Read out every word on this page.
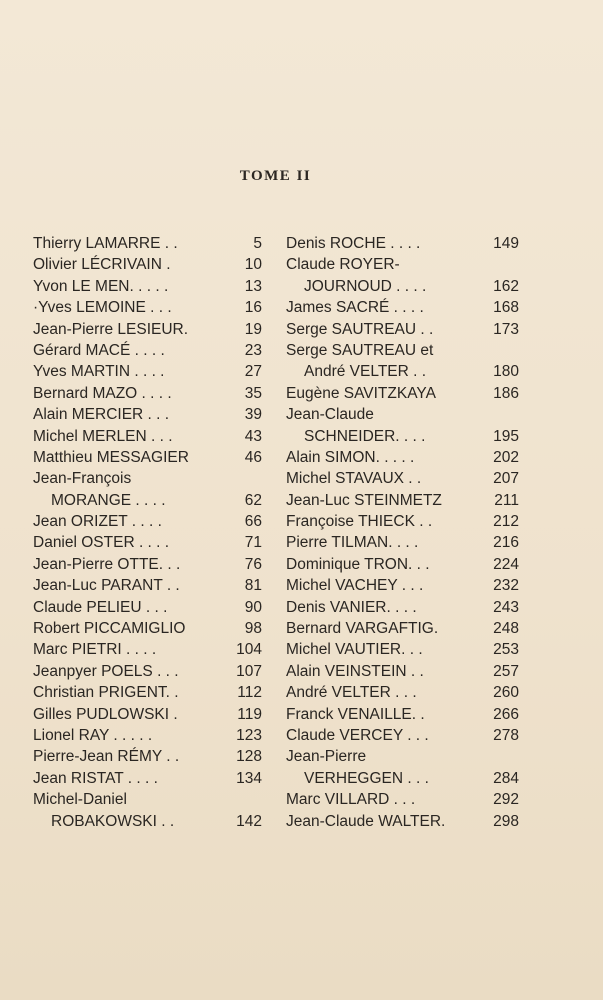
TOME II
Thierry LAMARRE . .	5
Olivier LÉCRIVAIN .	10
Yvon LE MEN. . . . .	13
·Yves LEMOINE . . .	16
Jean-Pierre LESIEUR.	19
Gérard MACÉ . . . .	23
Yves MARTIN . . . .	27
Bernard MAZO . . . .	35
Alain MERCIER . . .	39
Michel MERLEN . . .	43
Matthieu MESSAGIER	46
Jean-François
MORANGE . . . .	62
Jean ORIZET . . . .	66
Daniel OSTER . . . .	71
Jean-Pierre OTTE. . .	76
Jean-Luc PARANT . .	81
Claude PELIEU . . .	90
Robert PICCAMIGLIO	98
Marc PIETRI . . . .	104
Jeanpyer POELS . . .	107
Christian PRIGENT. .	112
Gilles PUDLOWSKI .	119
Lionel RAY . . . . .	123
Pierre-Jean RÉMY . .	128
Jean RISTAT . . . .	134
Michel-Daniel
ROBAKOWSKI . .	142
Denis ROCHE . . . .	149
Claude ROYER-
JOURNOUD . . . .	162
James SACRÉ . . . .	168
Serge SAUTREAU . .	173
Serge SAUTREAU et
André VELTER . .	180
Eugène SAVITZKAYA	186
Jean-Claude
SCHNEIDER. . . .	195
Alain SIMON. . . . .	202
Michel STAVAUX . .	207
Jean-Luc STEINMETZ	211
Françoise THIECK . .	212
Pierre TILMAN. . . .	216
Dominique TRON. . .	224
Michel VACHEY . . .	232
Denis VANIER. . . .	243
Bernard VARGAFTIG.	248
Michel VAUTIER. . .	253
Alain VEINSTEIN . .	257
André VELTER . . .	260
Franck VENAILLE. .	266
Claude VERCEY . . .	278
Jean-Pierre
VERHEGGEN . . .	284
Marc VILLARD . . .	292
Jean-Claude WALTER.	298
